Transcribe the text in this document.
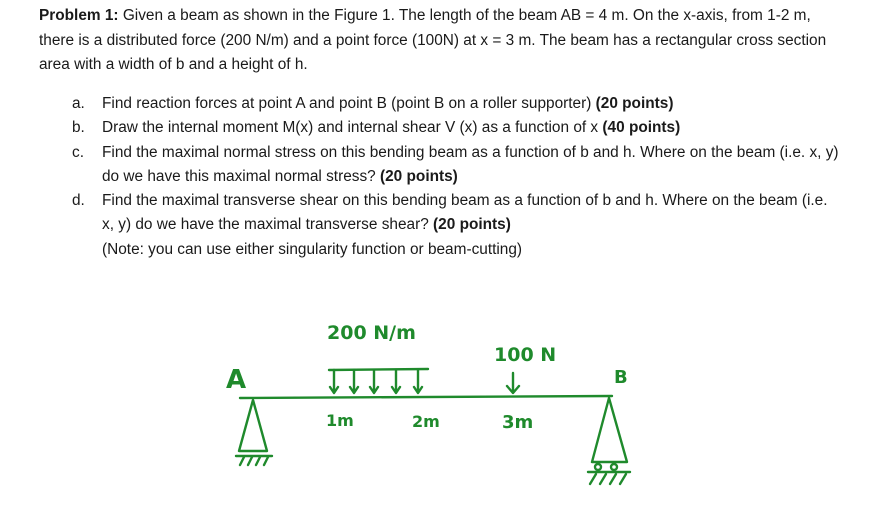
Problem 1: Given a beam as shown in the Figure 1. The length of the beam AB = 4 m. On the x-axis, from 1-2 m, there is a distributed force (200 N/m) and a point force (100N) at x = 3 m. The beam has a rectangular cross section area with a width of b and a height of h.
a. Find reaction forces at point A and point B (point B on a roller supporter) (20 points)
b. Draw the internal moment M(x) and internal shear V (x) as a function of x (40 points)
c. Find the maximal normal stress on this bending beam as a function of b and h. Where on the beam (i.e. x, y) do we have this maximal normal stress? (20 points)
d. Find the maximal transverse shear on this bending beam as a function of b and h. Where on the beam (i.e. x, y) do we have the maximal transverse shear? (20 points)
(Note: you can use either singularity function or beam-cutting)
A	B
200 N/m
100 N
1m	2m	3m
